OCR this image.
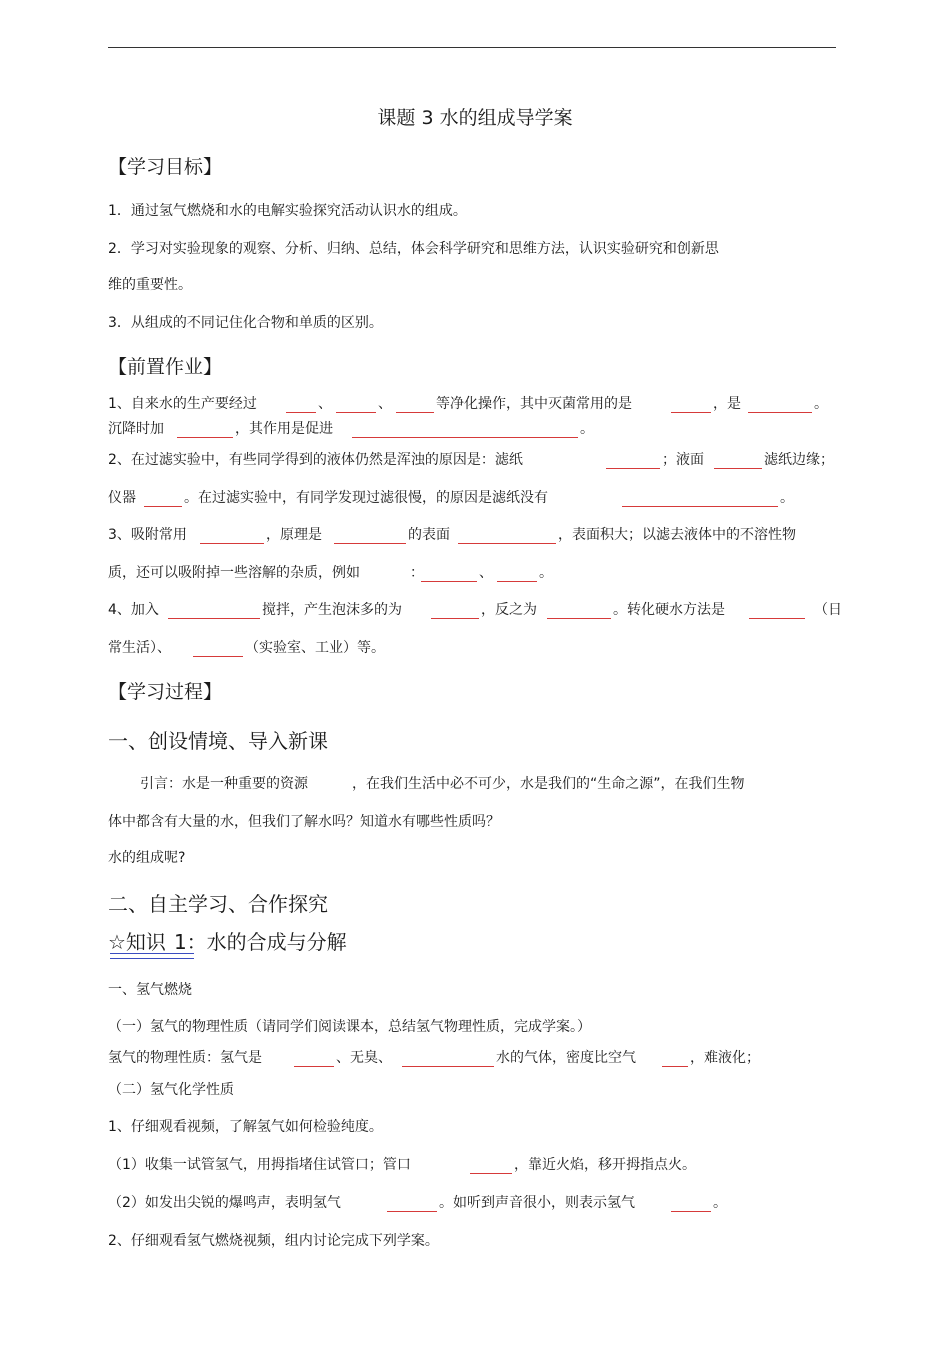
课题 3 水的组成导学案
【学习目标】
1．通过氢气燃烧和水的电解实验探究活动认识水的组成。
2．学习对实验现象的观察、分析、归纳、总结，体会科学研究和思维方法，认识实验研究和创新思
维的重要性。
3．从组成的不同记住化合物和单质的区别。
【前置作业】
1、自来水的生产要经过	、	、	等净化操作，其中灭菌常用的是	，是	。
沉降时加	，其作用是促进	。
2、在过滤实验中，有些同学得到的液体仍然是浑浊的原因是：滤纸	；液面	滤纸边缘；
仪器	。在过滤实验中，有同学发现过滤很慢，的原因是滤纸没有	。
3、吸附常用	，原理是	的表面	，表面积大；以滤去液体中的不溶性物
质，还可以吸附掉一些溶解的杂质，例如	：	、	。
4、加入	搅拌，产生泡沫多的为	，反之为	。转化硬水方法是	（日
常生活）、	（实验室、工业）等。
【学习过程】
一、创设情境、导入新课
引言：水是一种重要的资源	，在我们生活中必不可少，水是我们的“生命之源”，在我们生物
体中都含有大量的水，但我们了解水吗？知道水有哪些性质吗？
水的组成呢?
二、自主学习、合作探究
☆知识 1：水的合成与分解
一、氢气燃烧
（一）氢气的物理性质（请同学们阅读课本，总结氢气物理性质，完成学案。）
氢气的物理性质：氢气是	、无臭、	水的气体，密度比空气	，难液化；
（二）氢气化学性质
1、仔细观看视频，了解氢气如何检验纯度。
（1）收集一试管氢气，用拇指堵住试管口；管口	，靠近火焰，移开拇指点火。
（2）如发出尖锐的爆鸣声，表明氢气	。如听到声音很小，则表示氢气	。
2、仔细观看氢气燃烧视频，组内讨论完成下列学案。
